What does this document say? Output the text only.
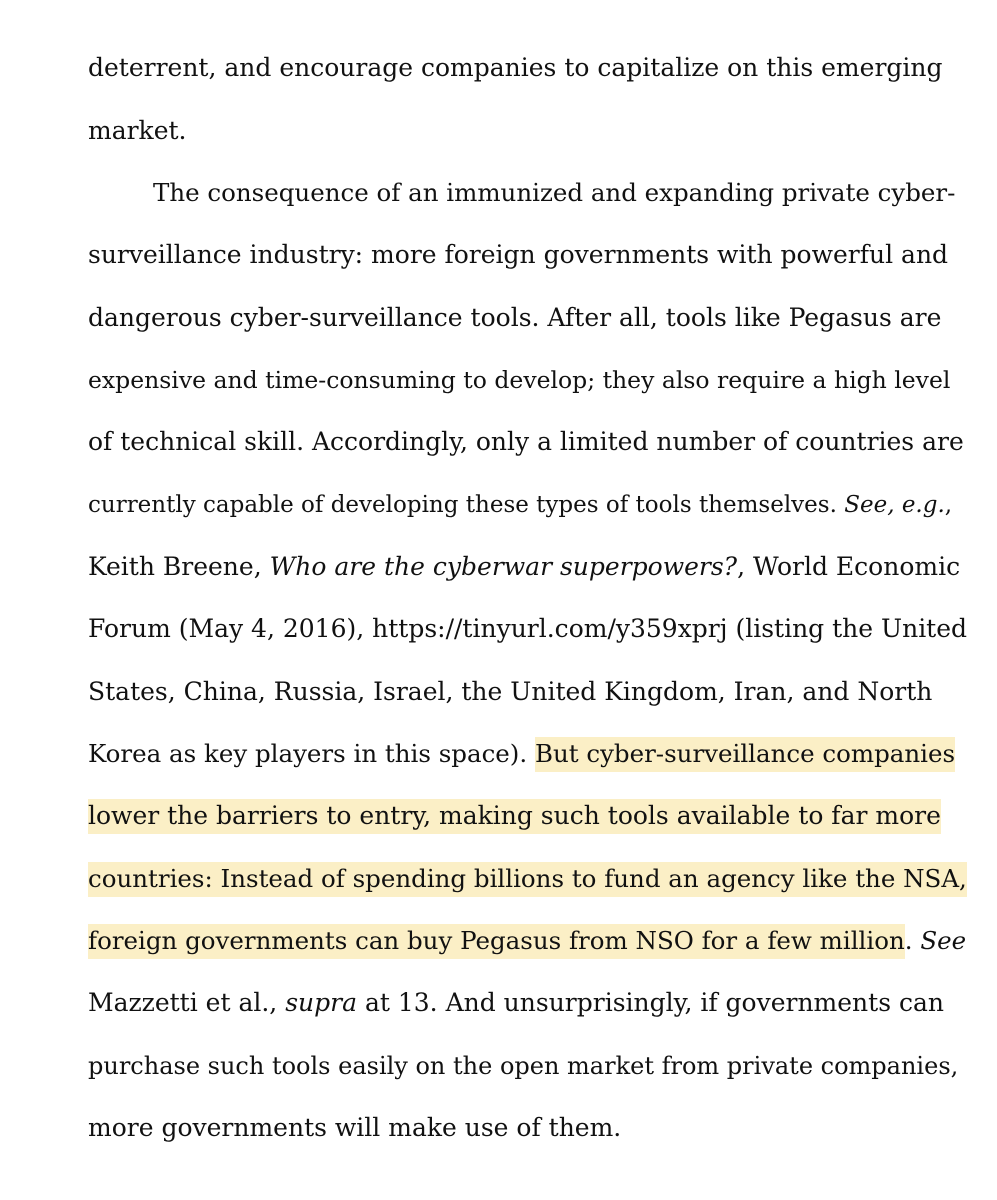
deterrent, and encourage companies to capitalize on this emerging
market.
The consequence of an immunized and expanding private cyber-
surveillance industry: more foreign governments with powerful and
dangerous cyber-surveillance tools. After all, tools like Pegasus are
expensive and time-consuming to develop; they also require a high level
of technical skill. Accordingly, only a limited number of countries are
currently capable of developing these types of tools themselves. See, e.g.,
Keith Breene, Who are the cyberwar superpowers?, World Economic
Forum (May 4, 2016), https://tinyurl.com/y359xprj (listing the United
States, China, Russia, Israel, the United Kingdom, Iran, and North
Korea as key players in this space). But cyber-surveillance companies
lower the barriers to entry, making such tools available to far more
countries: Instead of spending billions to fund an agency like the NSA,
foreign governments can buy Pegasus from NSO for a few million. See
Mazzetti et al., supra at 13. And unsurprisingly, if governments can
purchase such tools easily on the open market from private companies,
more governments will make use of them.
